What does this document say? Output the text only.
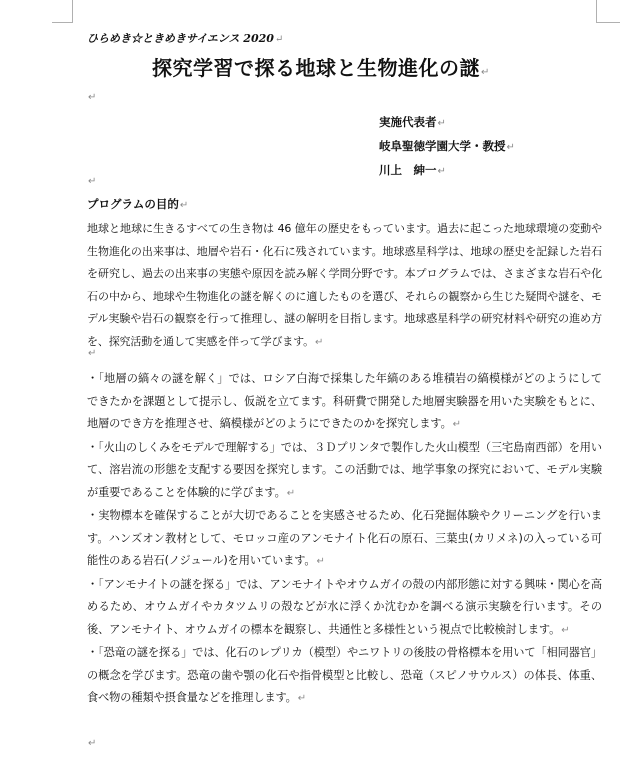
ひらめき☆ときめきサイエンス 2020↵
探究学習で探る地球と生物進化の謎↵
↵
実施代表者↵
岐阜聖徳学園大学・教授↵
川上　紳一↵
↵
プログラムの目的↵
地球と地球に生きるすべての生き物は 46 億年の歴史をもっています。過去に起こった地球環境の変動や生物進化の出来事は、地層や岩石・化石に残されています。地球惑星科学は、地球の歴史を記録した岩石を研究し、過去の出来事の実態や原因を読み解く学問分野です。本プログラムでは、さまざまな岩石や化石の中から、地球や生物進化の謎を解くのに適したものを選び、それらの観察から生じた疑問や謎を、モデル実験や岩石の観察を行って推理し、謎の解明を目指します。地球惑星科学の研究材料や研究の進め方を、探究活動を通して実感を伴って学びます。↵
↵

・「地層の縞々の謎を解く」では、ロシア白海で採集した年縞のある堆積岩の縞模様がどのようにしてできたかを課題として提示し、仮説を立てます。科研費で開発した地層実験器を用いた実験をもとに、地層のでき方を推理させ、縞模様がどのようにできたのかを探究します。↵

・「火山のしくみをモデルで理解する」では、３Ｄプリンタで製作した火山模型（三宅島南西部）を用いて、溶岩流の形態を支配する要因を探究します。この活動では、地学事象の探究において、モデル実験が重要であることを体験的に学びます。↵

・実物標本を確保することが大切であることを実感させるため、化石発掘体験やクリーニングを行います。ハンズオン教材として、モロッコ産のアンモナイト化石の原石、三葉虫(カリメネ)の入っている可能性のある岩石(ノジュール)を用いています。↵

・「アンモナイトの謎を探る」では、アンモナイトやオウムガイの殻の内部形態に対する興味・関心を高めるため、オウムガイやカタツムリの殻などが水に浮くか沈むかを調べる演示実験を行います。その後、アンモナイト、オウムガイの標本を観察し、共通性と多様性という視点で比較検討します。↵

・「恐竜の謎を探る」では、化石のレプリカ（模型）やニワトリの後肢の骨格標本を用いて「相同器官」の概念を学びます。恐竜の歯や顎の化石や指骨模型と比較し、恐竜（スピノサウルス）の体長、体重、食べ物の種類や摂食量などを推理します。↵

↵
